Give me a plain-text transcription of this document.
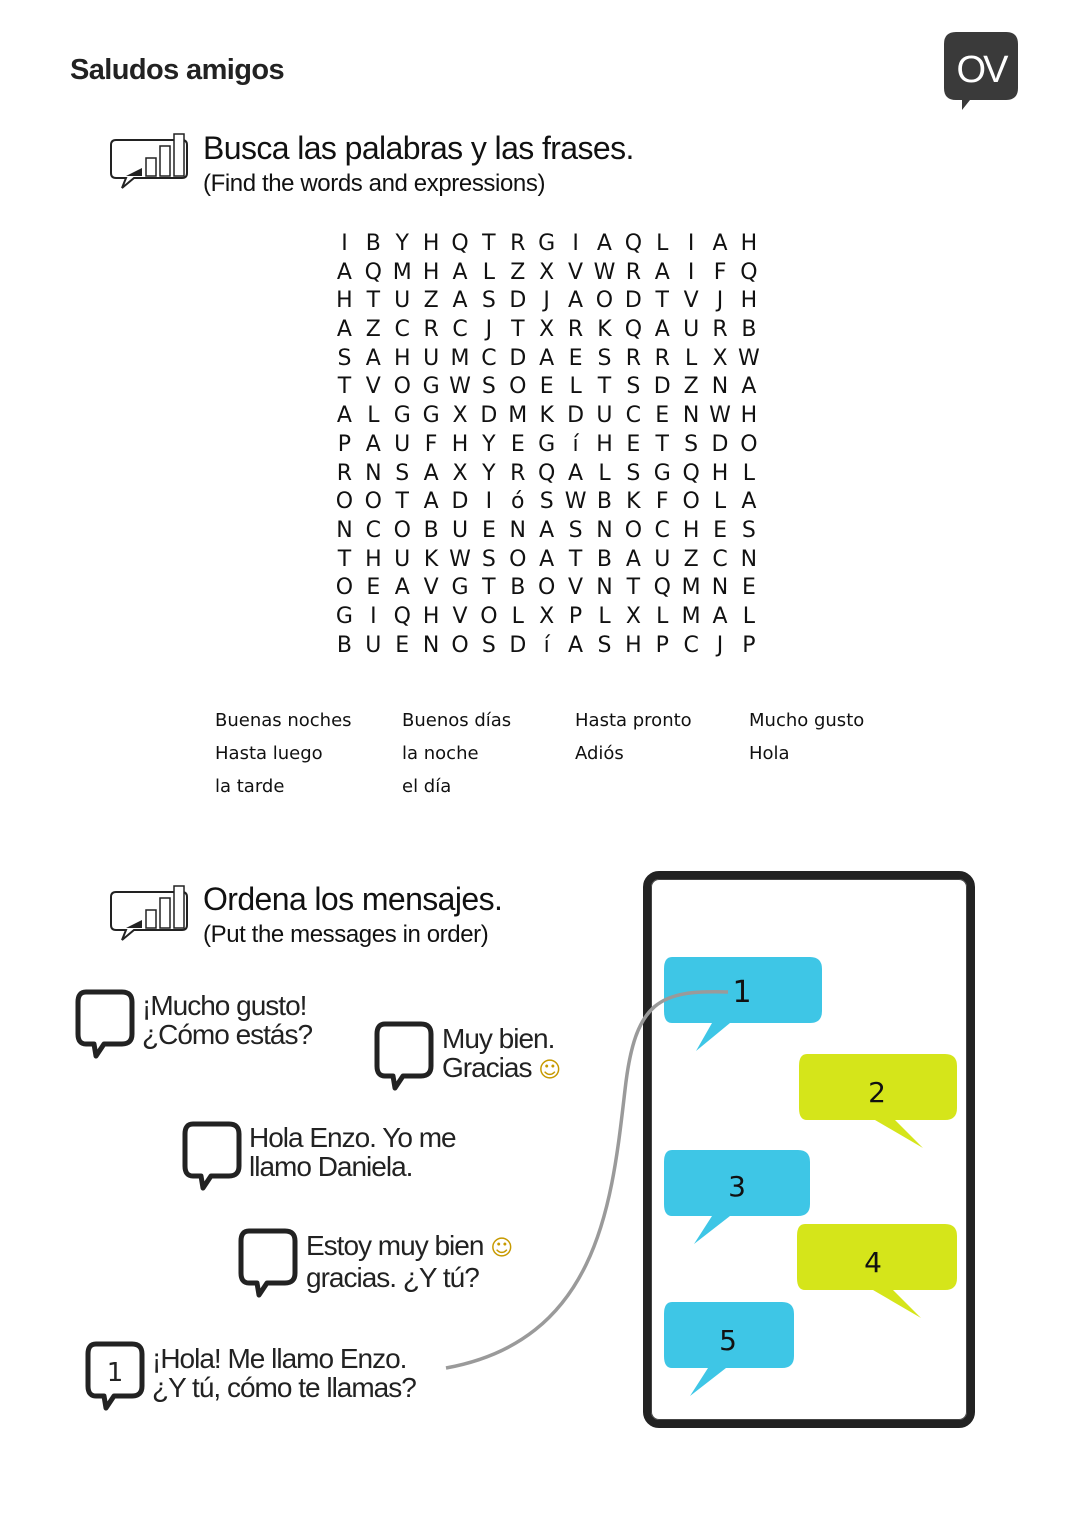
Saludos amigos	OV
Busca las palabras y las frases.
(Find the words and expressions)
I B Y H Q T R G I A Q L I A H
A Q M H A L Z X V W R A I F Q
H T U Z A S D J A O D T V J H
A Z C R C J T X R K Q A U R B
S A H U M C D A E S R R L X W
T V O G W S O E L T S D Z N A
A L G G X D M K D U C E N W H
P A U F H Y E G í H E T S D O
R N S A X Y R Q A L S G Q H L
O O T A D I ó S W B K F O L A
N C O B U E N A S N O C H E S
T H U K W S O A T B A U Z C N
O E A V G T B O V N T Q M N E
G I Q H V O L X P L X L M A L
B U E N O S D í A S H P C J P
Buenas noches	Buenos días	Hasta pronto	Mucho gusto
Hasta luego	la noche	Adiós	Hola
la tarde	el día
Ordena los mensajes.
(Put the messages in order)
¡Mucho gusto!
¿Cómo estás?	Muy bien.
Gracias ☺
Hola Enzo. Yo me
llamo Daniela.
Estoy muy bien ☺
gracias. ¿Y tú?
1 ¡Hola! Me llamo Enzo.
¿Y tú, cómo te llamas?
1
2
3
4
5
